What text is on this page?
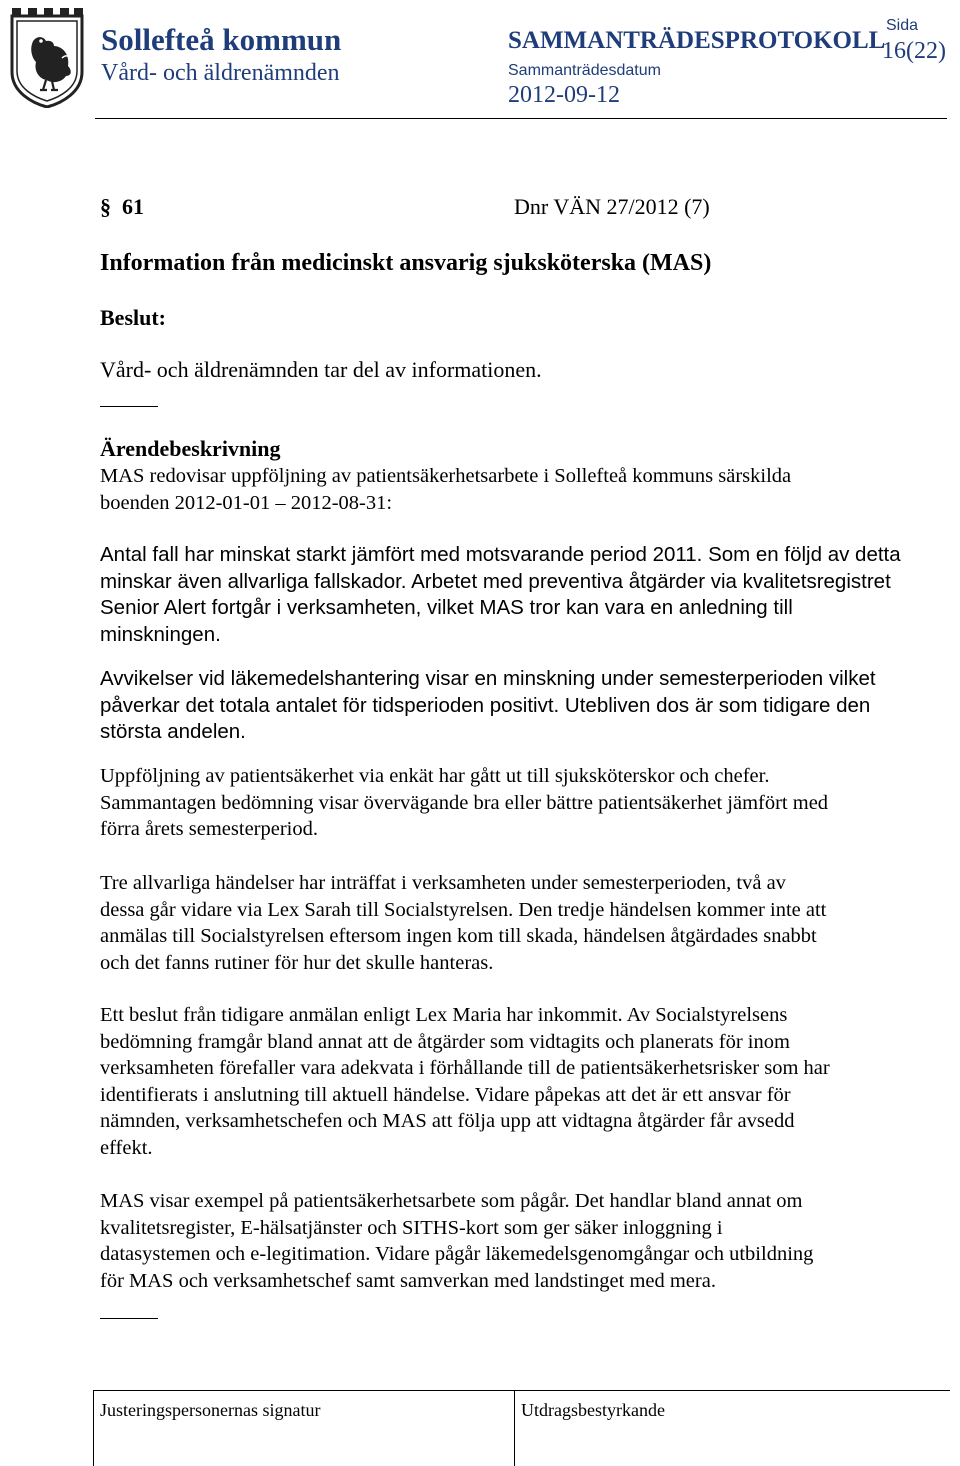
Sollefteå kommun
Vård- och äldrenämnden
SAMMANTRÄDESPROTOKOLL
Sammanträdesdatum
2012-09-12
Sida
16(22)
§ 61	Dnr VÄN 27/2012 (7)
Information från medicinskt ansvarig sjuksköterska (MAS)
Beslut:
Vård- och äldrenämnden tar del av informationen.
Ärendebeskrivning
MAS redovisar uppföljning av patientsäkerhetsarbete i Sollefteå kommuns särskilda
boenden 2012-01-01 – 2012-08-31:
Antal fall har minskat starkt jämfört med motsvarande period 2011. Som en följd av detta
minskar även allvarliga fallskador. Arbetet med preventiva åtgärder via kvalitetsregistret
Senior Alert fortgår i verksamheten, vilket MAS tror kan vara en anledning till
minskningen.
Avvikelser vid läkemedelshantering visar en minskning under semesterperioden vilket
påverkar det totala antalet för tidsperioden positivt. Utebliven dos är som tidigare den
största andelen.
Uppföljning av patientsäkerhet via enkät har gått ut till sjuksköterskor och chefer.
Sammantagen bedömning visar övervägande bra eller bättre patientsäkerhet jämfört med
förra årets semesterperiod.
Tre allvarliga händelser har inträffat i verksamheten under semesterperioden, två av
dessa går vidare via Lex Sarah till Socialstyrelsen. Den tredje händelsen kommer inte att
anmälas till Socialstyrelsen eftersom ingen kom till skada, händelsen åtgärdades snabbt
och det fanns rutiner för hur det skulle hanteras.
Ett beslut från tidigare anmälan enligt Lex Maria har inkommit. Av Socialstyrelsens
bedömning framgår bland annat att de åtgärder som vidtagits och planerats för inom
verksamheten förefaller vara adekvata i förhållande till de patientsäkerhetsrisker som har
identifierats i anslutning till aktuell händelse. Vidare påpekas att det är ett ansvar för
nämnden, verksamhetschefen och MAS att följa upp att vidtagna åtgärder får avsedd
effekt.
MAS visar exempel på patientsäkerhetsarbete som pågår. Det handlar bland annat om
kvalitetsregister, E-hälsatjänster och SITHS-kort som ger säker inloggning i
datasystemen och e-legitimation. Vidare pågår läkemedelsgenomgångar och utbildning
för MAS och verksamhetschef samt samverkan med landstinget med mera.
Justeringspersonernas signatur	Utdragsbestyrkande
